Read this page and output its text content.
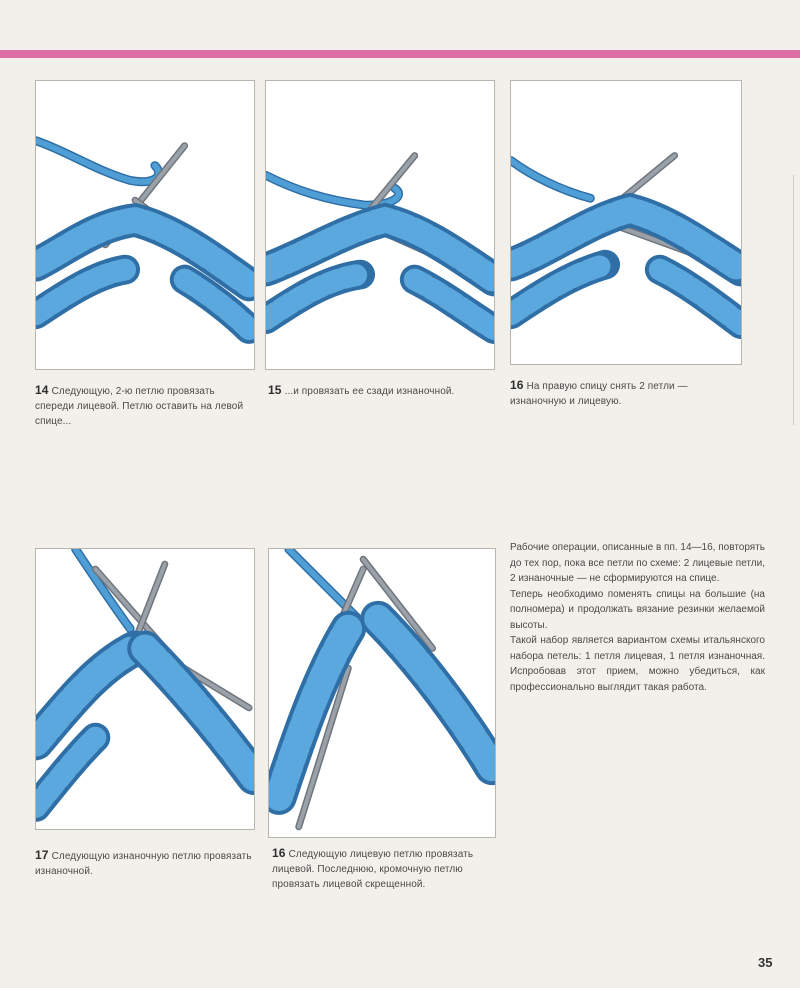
14 Следующую, 2-ю петлю провязать спереди лицевой. Петлю оставить на левой спице...
15 ...и провязать ее сзади изнаночной.	16 На правую спицу снять 2 петли — изнаночную и лицевую.
17 Следующую изнаночную петлю провязать изнаночной.
16 Следующую лицевую петлю провязать лицевой. Последнюю, кромочную петлю провязать лицевой скрещенной.

Рабочие операции, описанные в пп. 14—16, повторять до тех пор, пока все петли по схеме: 2 лицевые петли, 2 изнаночные — не сформируются на спице.

Теперь необходимо поменять спицы на большие (на полномера) и продолжать вязание резинки желаемой высоты.

Такой набор является вариантом схемы итальянского набора петель: 1 петля лицевая, 1 петля изнаночная. Испробовав этот прием, можно убедиться, как профессионально выглядит такая работа.

35
